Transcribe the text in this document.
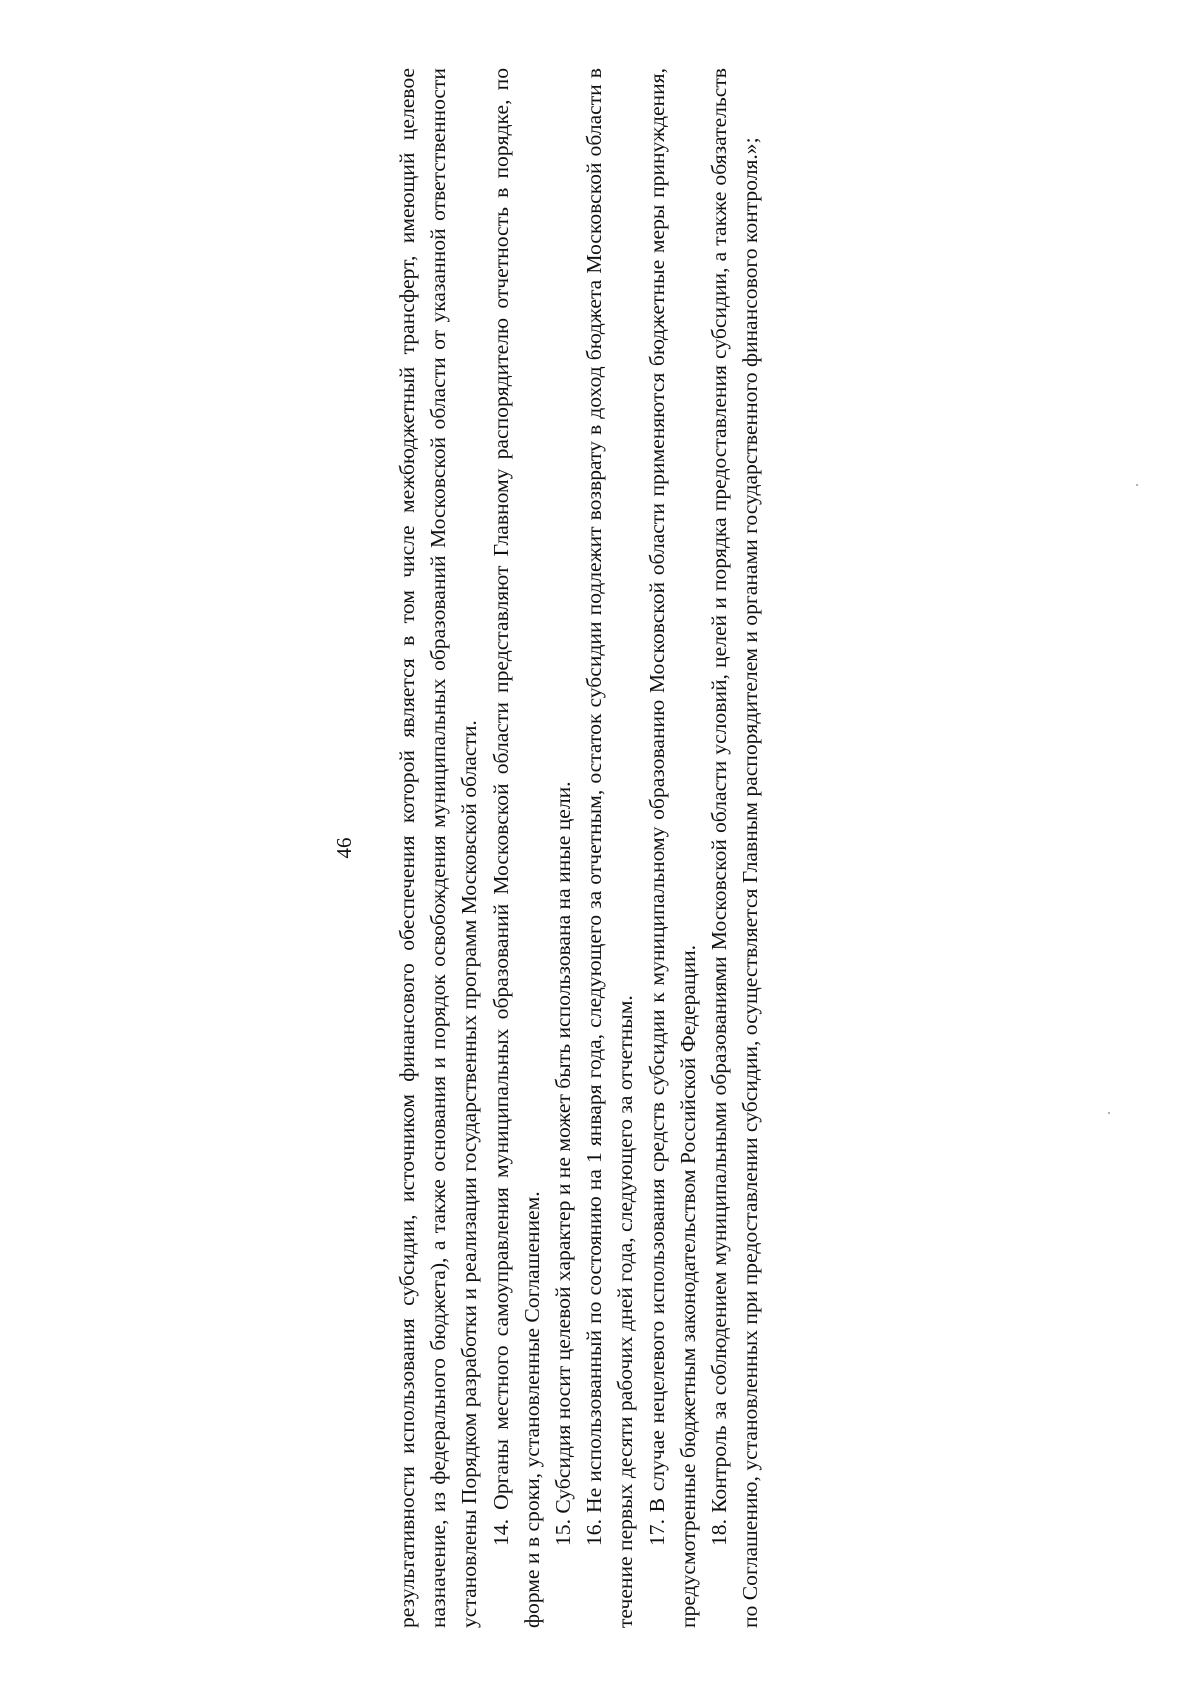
46 результативности использования субсидии, источником финансового обеспечения которой является в том числе межбюджетный трансферт, имеющий целевое назначение, из федерального бюджета), а также основания и порядок освобождения муниципальных образований Московской области от указанной ответственности установлены Порядком разработки и реализации государственных программ Московской области. 14. Органы местного самоуправления муниципальных образований Московской области представляют Главному распорядителю отчетность в порядке, по форме и в сроки, установленные Соглашением. 15. Субсидия носит целевой характер и не может быть использована на иные цели. 16. Не использованный по состоянию на 1 января года, следующего за отчетным, остаток субсидии подлежит возврату в доход бюджета Московской области в течение первых десяти рабочих дней года, следующего за отчетным. 17. В случае нецелевого использования средств субсидии к муниципальному образованию Московской области применяются бюджетные меры принуждения, предусмотренные бюджетным законодательством Российской Федерации. 18. Контроль за соблюдением муниципальными образованиями Московской области условий, целей и порядка предоставления субсидии, а также обязательств по Соглашению, установленных при предоставлении субсидии, осуществляется Главным распорядителем и органами государственного финансового контроля.»;
